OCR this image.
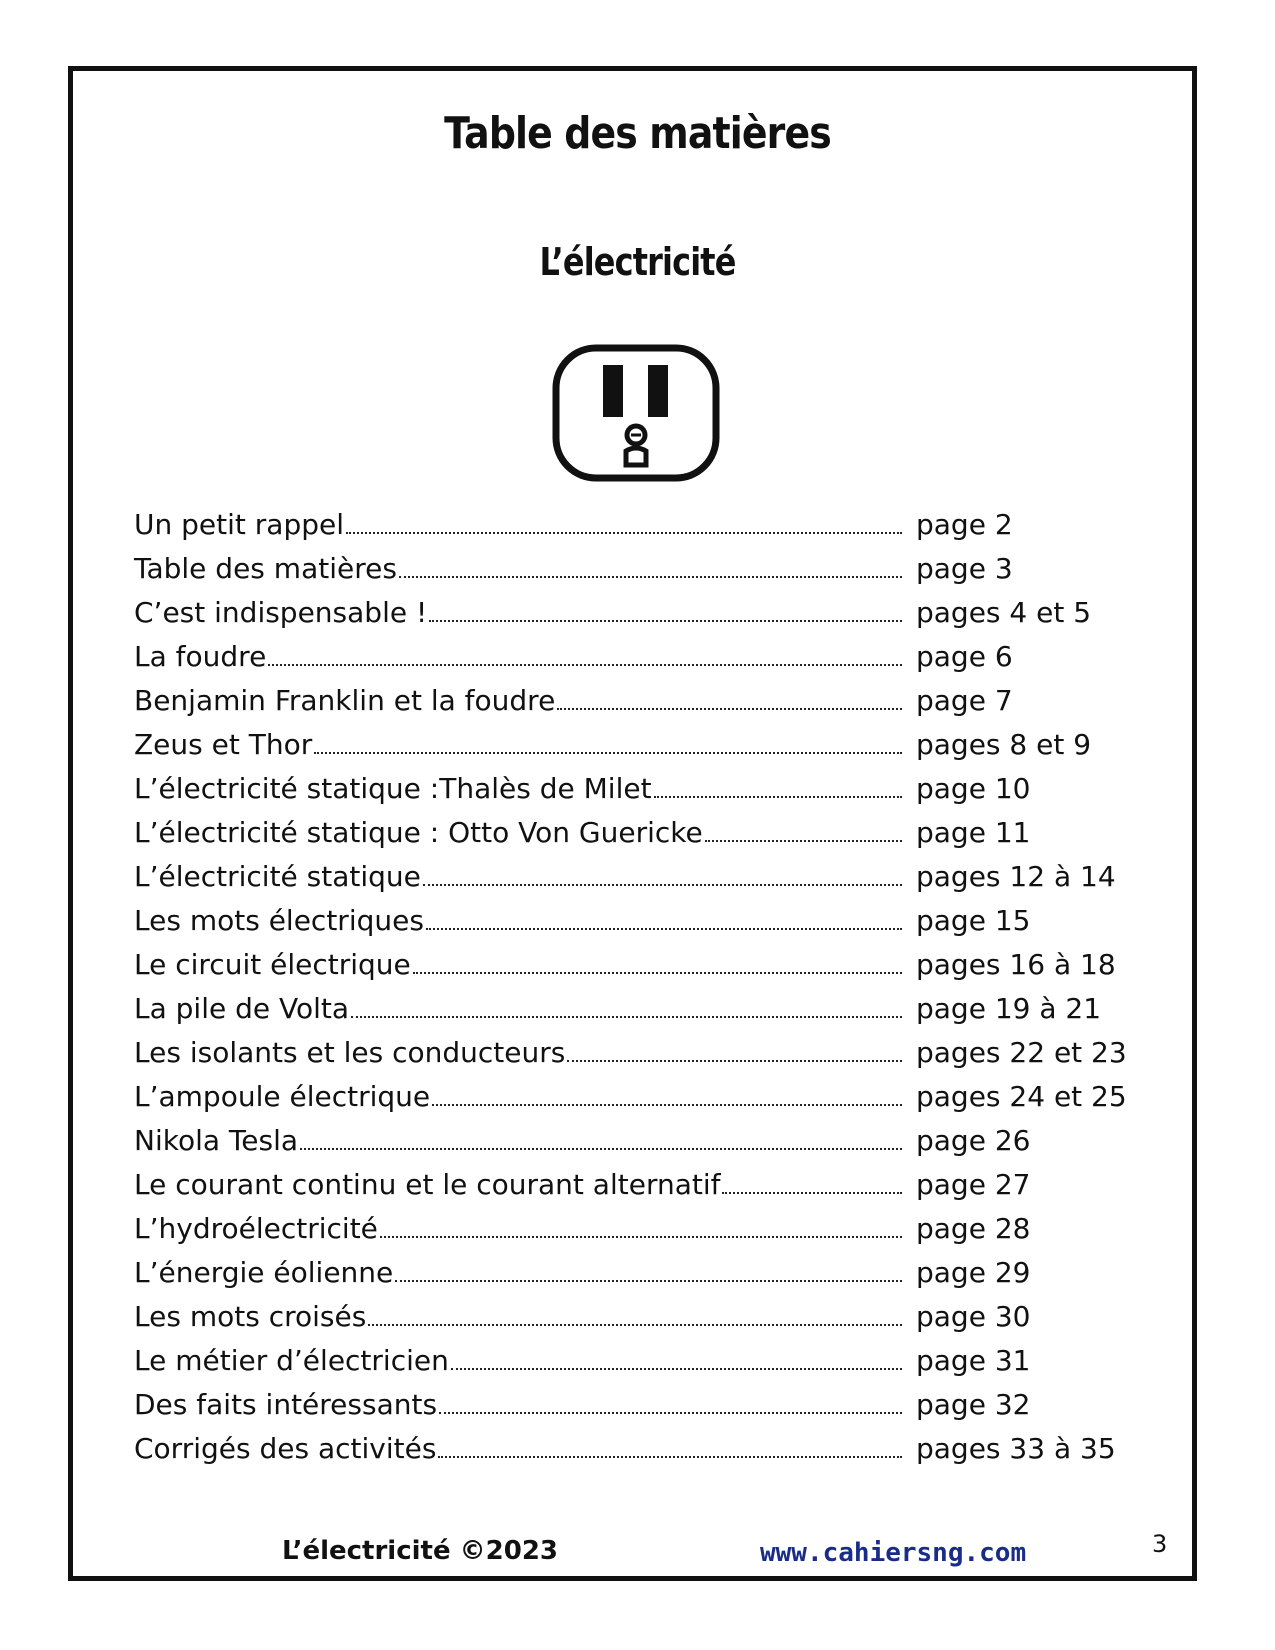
Table des matières
L’électricité
Un petit rappel	page 2
Table des matières	page 3
C’est indispensable !	pages 4 et 5
La foudre	page 6
Benjamin Franklin et la foudre	page 7
Zeus et Thor	pages 8 et 9
L’électricité statique :Thalès de Milet	page 10
L’électricité statique : Otto Von Guericke	page 11
L’électricité statique	pages 12 à 14
Les mots électriques	page 15
Le circuit électrique	pages 16 à 18
La pile de Volta	page 19 à 21
Les isolants et les conducteurs	pages 22 et 23
L’ampoule électrique	pages 24 et 25
Nikola Tesla	page 26
Le courant continu et le courant alternatif	page 27
L’hydroélectricité	page 28
L’énergie éolienne	page 29
Les mots croisés	page 30
Le métier d’électricien	page 31
Des faits intéressants	page 32
Corrigés des activités	pages 33 à 35
L’électricité ©2023	www.cahiersng.com	3
